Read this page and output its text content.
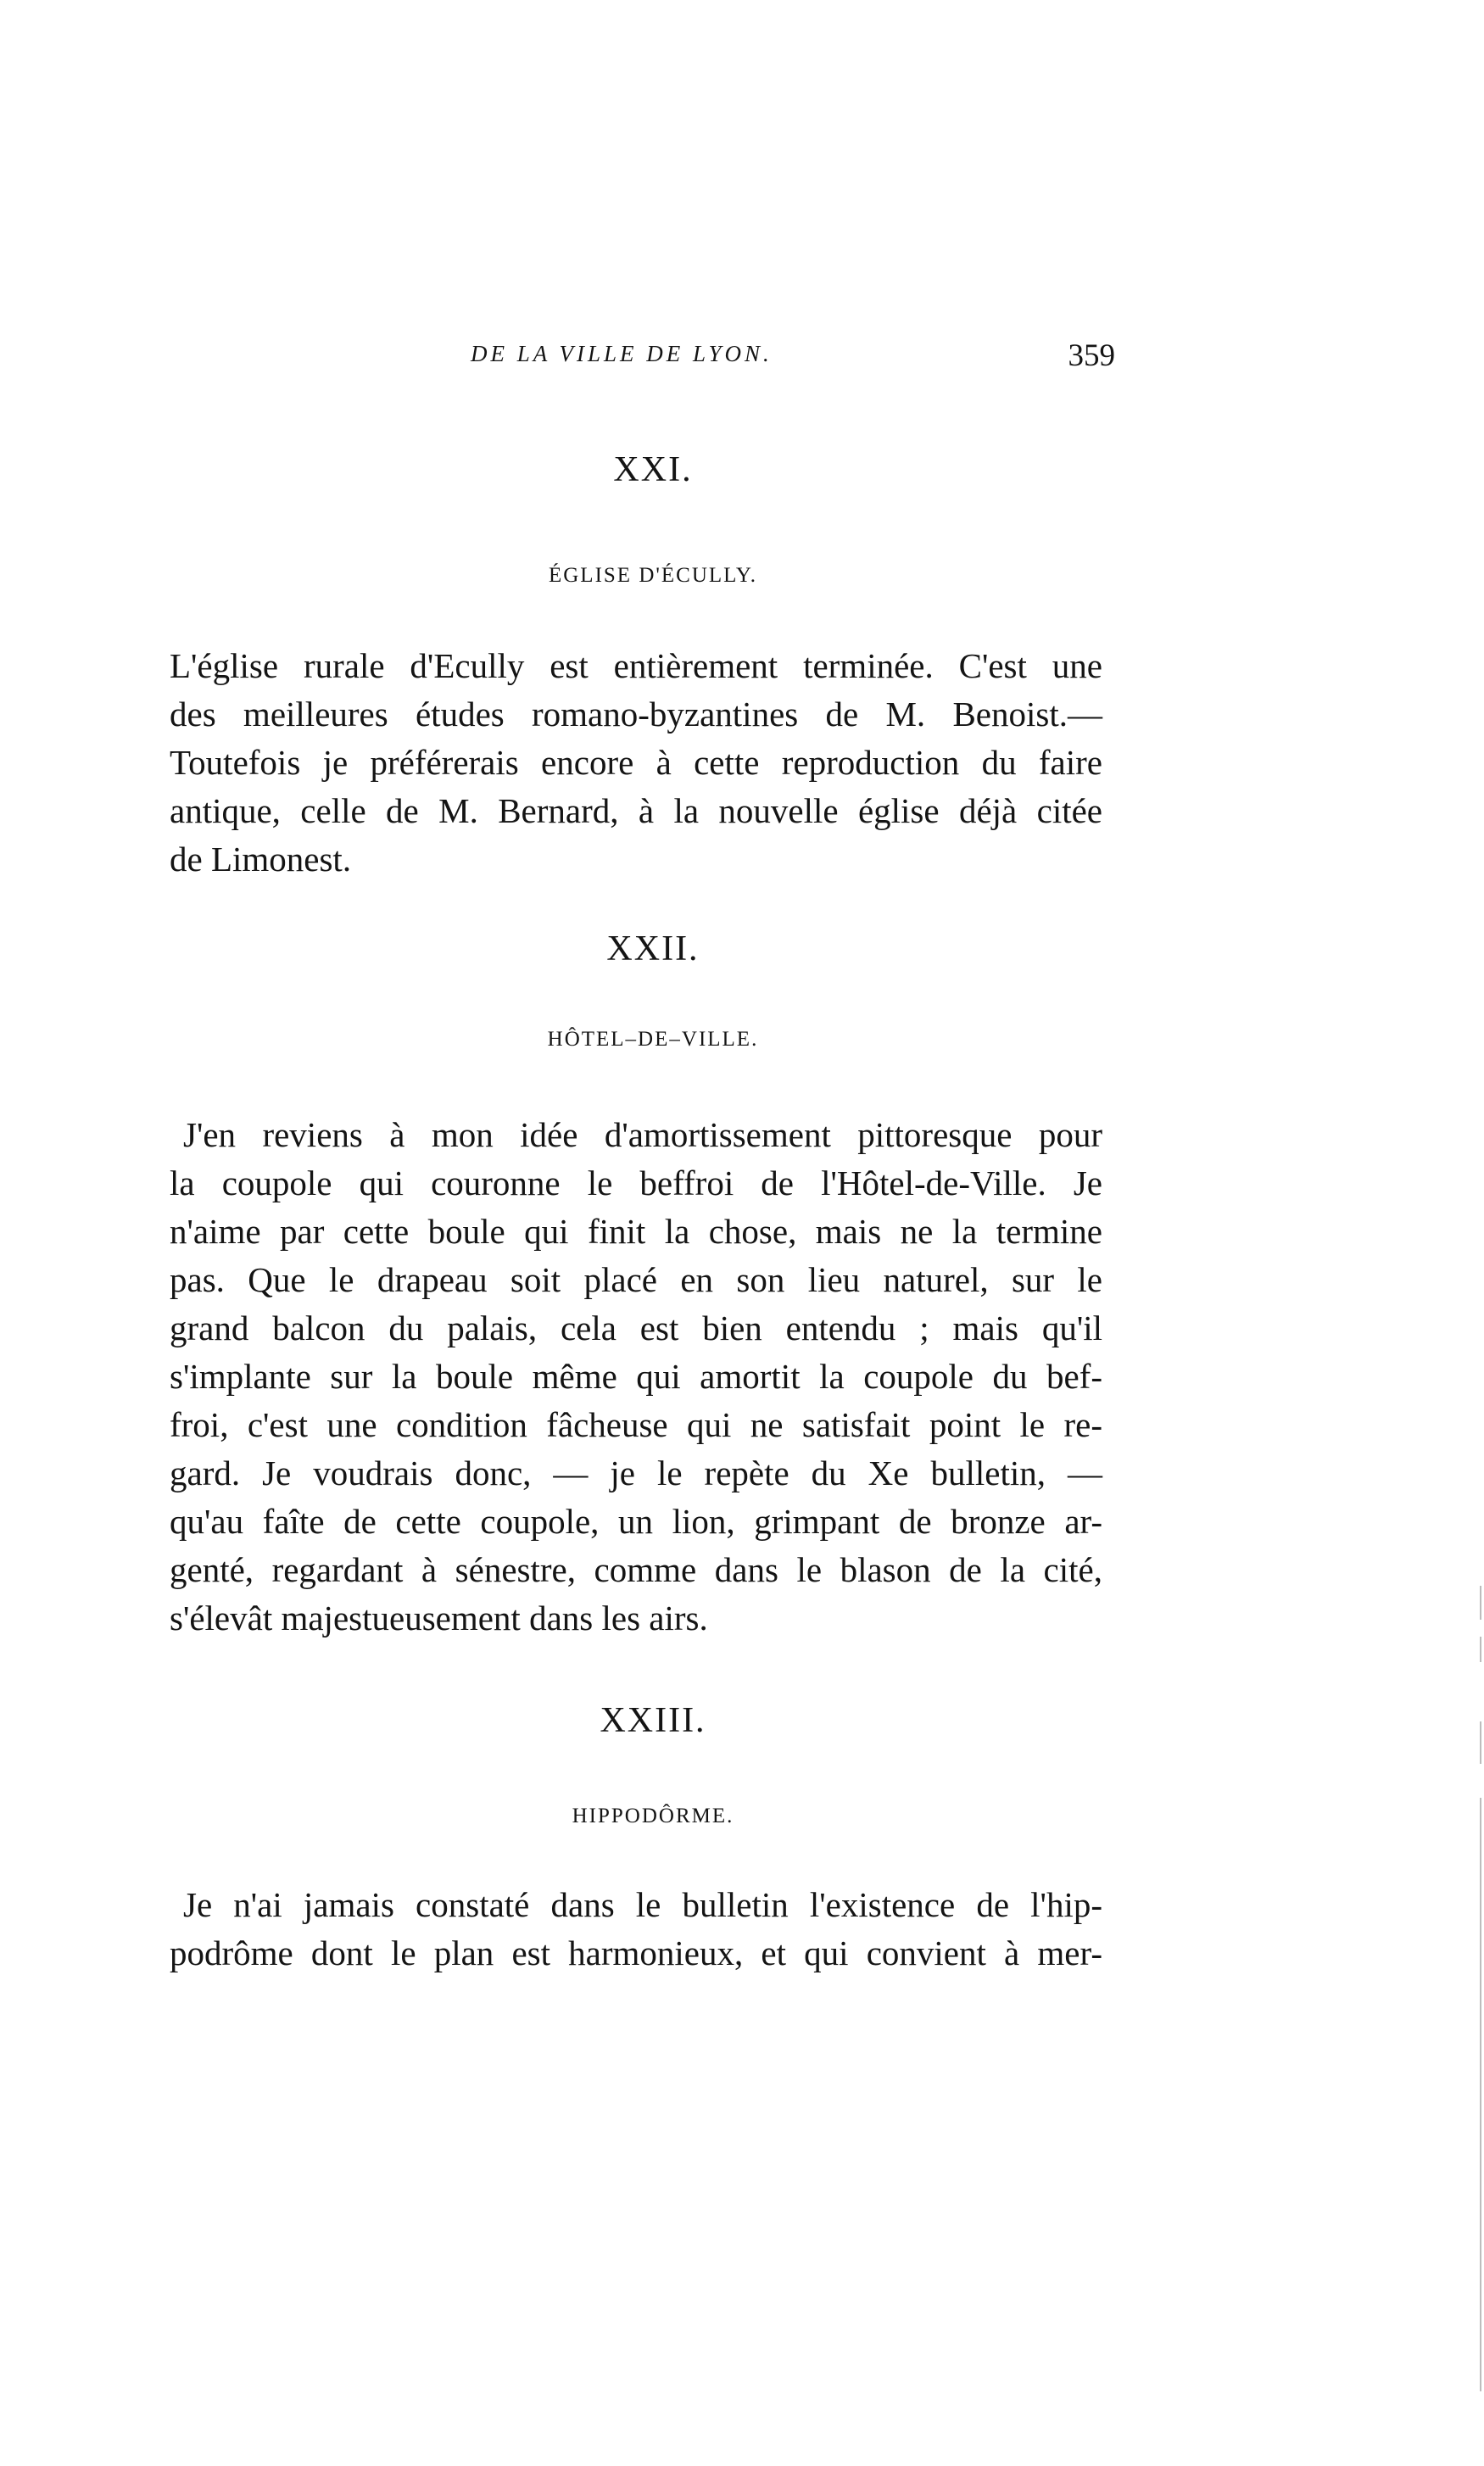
DE LA VILLE DE LYON.	359
XXI.
ÉGLISE D'ÉCULLY.
L'église rurale d'Ecully est entièrement terminée. C'est une
des meilleures études romano-byzantines de M. Benoist.—
Toutefois je préférerais encore à cette reproduction du faire
antique, celle de M. Bernard, à la nouvelle église déjà citée
de Limonest.
XXII.
HÔTEL–DE–VILLE.
J'en reviens à mon idée d'amortissement pittoresque pour
la coupole qui couronne le beffroi de l'Hôtel-de-Ville. Je
n'aime par cette boule qui finit la chose, mais ne la termine
pas. Que le drapeau soit placé en son lieu naturel, sur le
grand balcon du palais, cela est bien entendu ; mais qu'il
s'implante sur la boule même qui amortit la coupole du bef-
froi, c'est une condition fâcheuse qui ne satisfait point le re-
gard. Je voudrais donc, — je le repète du Xe bulletin, —
qu'au faîte de cette coupole, un lion, grimpant de bronze ar-
genté, regardant à sénestre, comme dans le blason de la cité,
s'élevât majestueusement dans les airs.
XXIII.
HIPPODÔRME.
Je n'ai jamais constaté dans le bulletin l'existence de l'hip-
podrôme dont le plan est harmonieux, et qui convient à mer-
